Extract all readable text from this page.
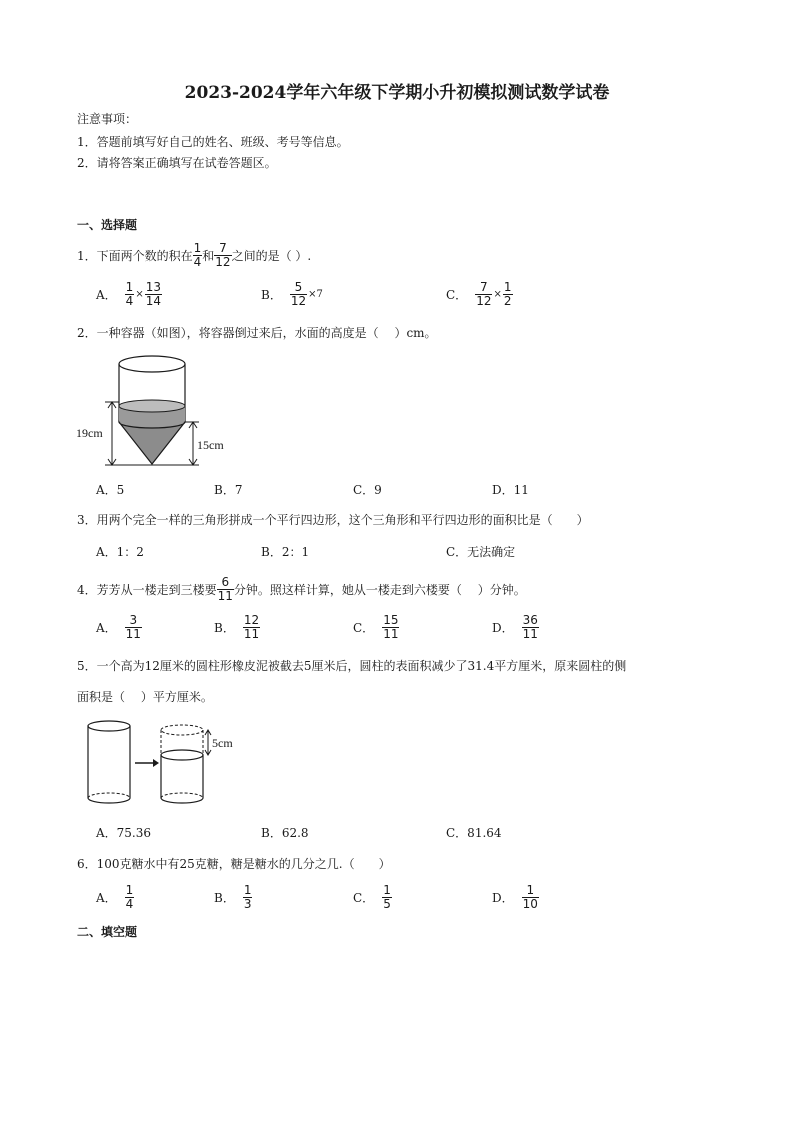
2023-2024学年六年级下学期小升初模拟测试数学试卷
注意事项：
1．答题前填写好自己的姓名、班级、考号等信息。
2．请将答案正确填写在试卷答题区。
一、选择题
1．下面两个数的积在 $\frac{1}{4}$ 和 $\frac{7}{12}$ 之间的是（ ）.
A． $\frac{1}{4} \times \frac{13}{14}$	B． $\frac{5}{12} \times 7$	C． $\frac{7}{12} \times \frac{1}{2}$
2．一种容器（如图），将容器倒过来后，水面的高度是（　 ）cm。
19cm
15cm
A．5	B．7	C．9	D．11
3．用两个完全一样的三角形拼成一个平行四边形，这个三角形和平行四边形的面积比是（　　）
A．1：2	B．2：1	C．无法确定
4．芳芳从一楼走到三楼要 $\frac{6}{11}$ 分钟。照这样计算，她从一楼走到六楼要（　 ）分钟。
A． $\frac{3}{11}$	B． $\frac{12}{11}$	C． $\frac{15}{11}$	D． $\frac{36}{11}$
5．一个高为12厘米的圆柱形橡皮泥被截去5厘米后，圆柱的表面积减少了31.4平方厘米，原来圆柱的侧
面积是（　 ）平方厘米。
5cm
A．75.36	B．62.8	C．81.64
6．100克糖水中有25克糖，糖是糖水的几分之几.（　　）
A． $\frac{1}{4}$	B． $\frac{1}{3}$	C． $\frac{1}{5}$	D． $\frac{1}{10}$
二、填空题
